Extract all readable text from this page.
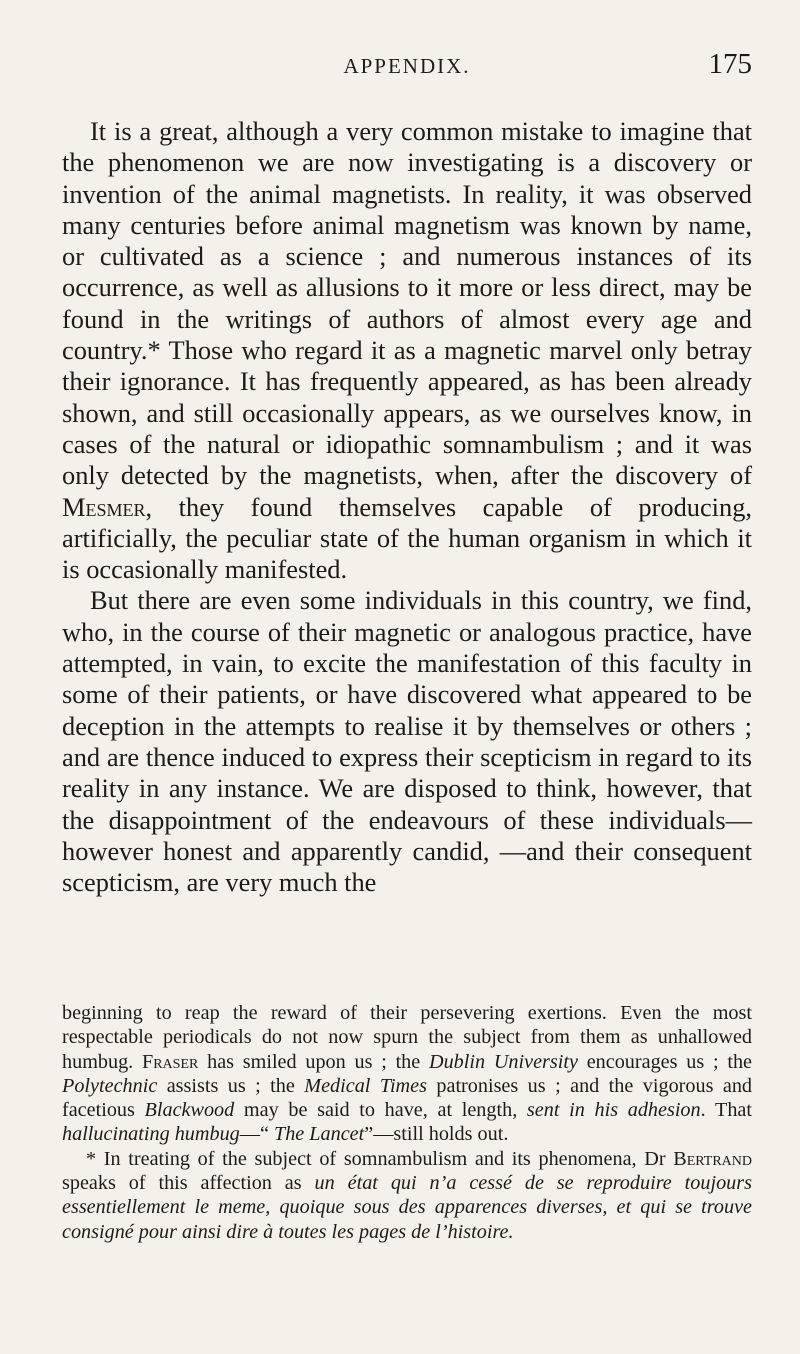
APPENDIX.	175

It is a great, although a very common mistake to imagine that the phenomenon we are now investigating is a discovery or invention of the animal magnetists. In reality, it was observed many centuries before animal magnetism was known by name, or cultivated as a science ; and numerous instances of its occurrence, as well as allusions to it more or less direct, may be found in the writings of authors of almost every age and country.* Those who regard it as a magnetic marvel only betray their ignorance. It has frequently appeared, as has been already shown, and still occasionally appears, as we ourselves know, in cases of the natural or idiopathic somnambulism ; and it was only detected by the magnetists, when, after the discovery of Mesmer, they found themselves capable of producing, artificially, the peculiar state of the human organism in which it is occasionally manifested.

But there are even some individuals in this country, we find, who, in the course of their magnetic or analogous practice, have attempted, in vain, to excite the manifestation of this faculty in some of their patients, or have discovered what appeared to be deception in the attempts to realise it by themselves or others ; and are thence induced to express their scepticism in regard to its reality in any instance. We are disposed to think, however, that the disappointment of the endeavours of these individuals—however honest and apparently candid, —and their consequent scepticism, are very much the

beginning to reap the reward of their persevering exertions. Even the most respectable periodicals do not now spurn the subject from them as unhallowed humbug. Fraser has smiled upon us ; the Dublin University encourages us ; the Polytechnic assists us ; the Medical Times patronises us ; and the vigorous and facetious Blackwood may be said to have, at length, sent in his adhesion. That hallucinating humbug—“ The Lancet”—still holds out.

* In treating of the subject of somnambulism and its phenomena, Dr Bertrand speaks of this affection as un état qui n’a cessé de se reproduire toujours essentiellement le meme, quoique sous des apparences diverses, et qui se trouve consigné pour ainsi dire à toutes les pages de l’histoire.
